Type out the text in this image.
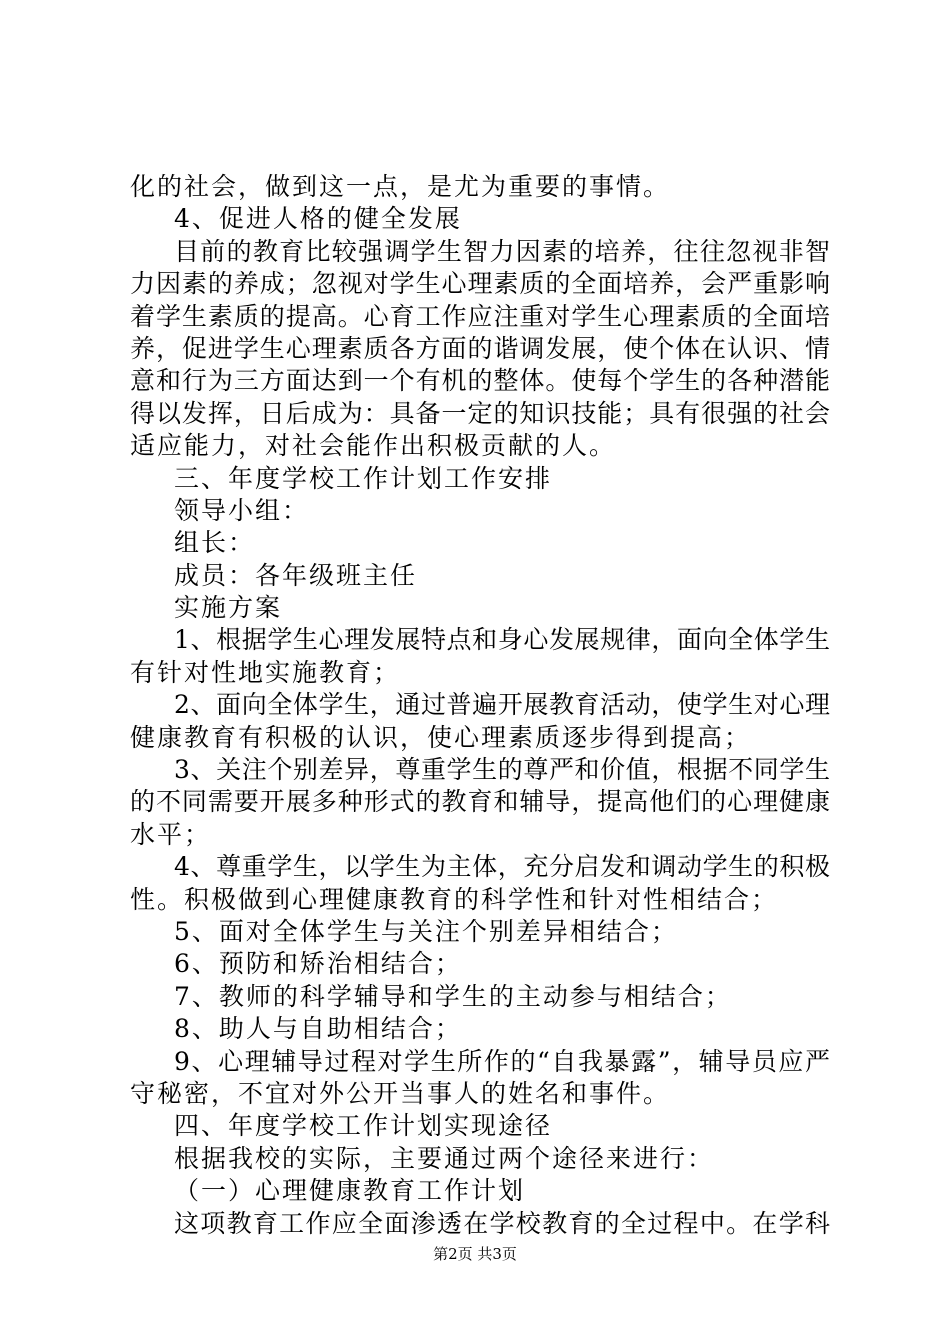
化的社会，做到这一点，是尤为重要的事情。
4、促进人格的健全发展
目前的教育比较强调学生智力因素的培养，往往忽视非智
力因素的养成；忽视对学生心理素质的全面培养，会严重影响
着学生素质的提高。心育工作应注重对学生心理素质的全面培
养，促进学生心理素质各方面的谐调发展，使个体在认识、情
意和行为三方面达到一个有机的整体。使每个学生的各种潜能
得以发挥，日后成为：具备一定的知识技能；具有很强的社会
适应能力，对社会能作出积极贡献的人。
三、年度学校工作计划工作安排
领导小组：
组长：
成员：各年级班主任
实施方案
1、根据学生心理发展特点和身心发展规律，面向全体学生
有针对性地实施教育；
2、面向全体学生，通过普遍开展教育活动，使学生对心理
健康教育有积极的认识，使心理素质逐步得到提高；
3、关注个别差异，尊重学生的尊严和价值，根据不同学生
的不同需要开展多种形式的教育和辅导，提高他们的心理健康
水平；
4、尊重学生，以学生为主体，充分启发和调动学生的积极
性。积极做到心理健康教育的科学性和针对性相结合；
5、面对全体学生与关注个别差异相结合；
6、预防和矫治相结合；
7、教师的科学辅导和学生的主动参与相结合；
8、助人与自助相结合；
9、心理辅导过程对学生所作的“自我暴露”，辅导员应严
守秘密，不宜对外公开当事人的姓名和事件。
四、年度学校工作计划实现途径
根据我校的实际，主要通过两个途径来进行：
（一）心理健康教育工作计划
这项教育工作应全面渗透在学校教育的全过程中。在学科
第2页 共3页
